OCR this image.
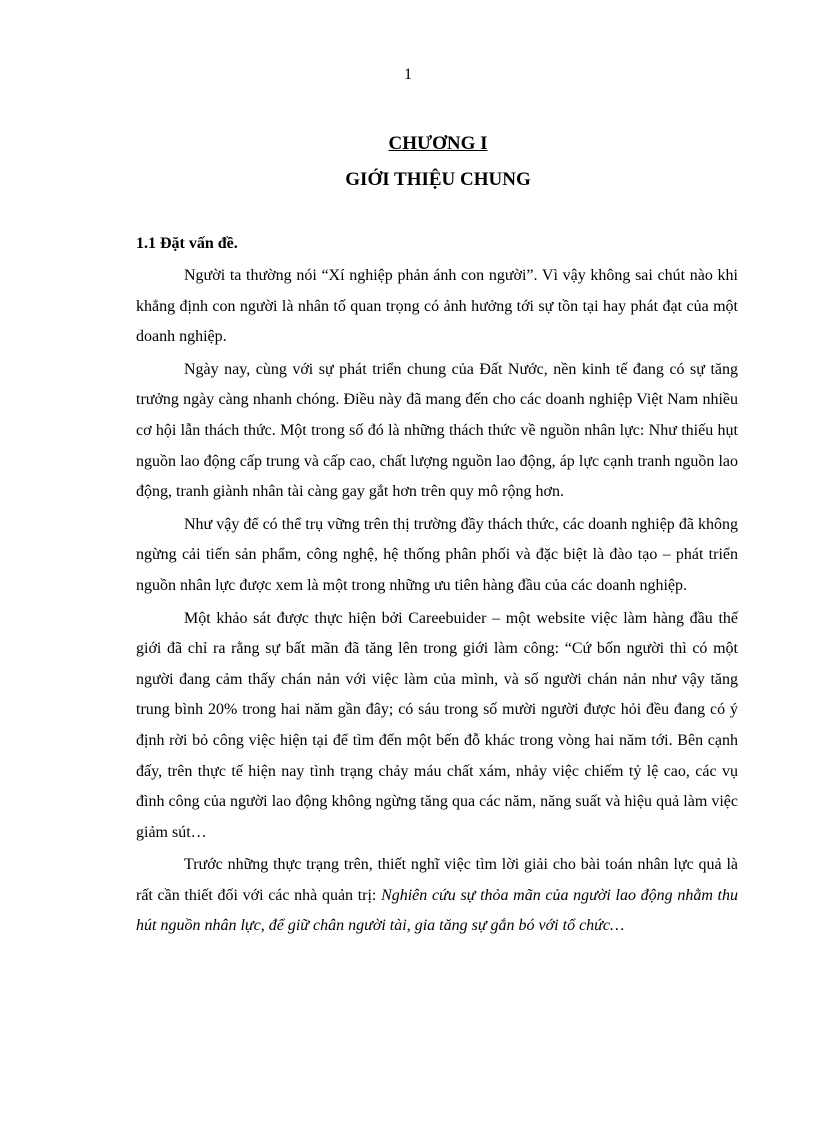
1
CHƯƠNG I
GIỚI THIỆU CHUNG
1.1 Đặt vấn đề.

Người ta thường nói “Xí nghiệp phản ánh con người”. Vì vậy không sai chút nào khi khẳng định con người là nhân tố quan trọng có ảnh hưởng tới sự tồn tại hay phát đạt của một doanh nghiệp.

Ngày nay, cùng với sự phát triển chung của Đất Nước, nền kinh tế đang có sự tăng trưởng ngày càng nhanh chóng. Điều này đã mang đến cho các doanh nghiệp Việt Nam nhiều cơ hội lẫn thách thức. Một trong số đó là những thách thức về nguồn nhân lực: Như thiếu hụt nguồn lao động cấp trung và cấp cao, chất lượng nguồn lao động, áp lực cạnh tranh nguồn lao động, tranh giành nhân tài càng gay gắt hơn trên quy mô rộng hơn.

Như vậy để có thể trụ vững trên thị trường đầy thách thức, các doanh nghiệp đã không ngừng cải tiến sản phẩm, công nghệ, hệ thống phân phối và đặc biệt là đào tạo – phát triển nguồn nhân lực được xem là một trong những ưu tiên hàng đầu của các doanh nghiệp.

Một khảo sát được thực hiện bởi Careebuider – một website việc làm hàng đầu thế giới đã chỉ ra rằng sự bất mãn đã tăng lên trong giới làm công: “Cứ bốn người thì có một người đang cảm thấy chán nản với việc làm của mình, và số người chán nản như vậy tăng trung bình 20% trong hai năm gần đây; có sáu trong số mười người được hỏi đều đang có ý định rời bỏ công việc hiện tại để tìm đến một bến đỗ khác trong vòng hai năm tới. Bên cạnh đấy, trên thực tế hiện nay tình trạng chảy máu chất xám, nhảy việc chiếm tỷ lệ cao, các vụ đình công của người lao động không ngừng tăng qua các năm, năng suất và hiệu quả làm việc giảm sút…

Trước những thực trạng trên, thiết nghĩ việc tìm lời giải cho bài toán nhân lực quả là rất cần thiết đối với các nhà quản trị: Nghiên cứu sự thỏa mãn của người lao động nhằm thu hút nguồn nhân lực, để giữ chân người tài, gia tăng sự gắn bó với tổ chức…
